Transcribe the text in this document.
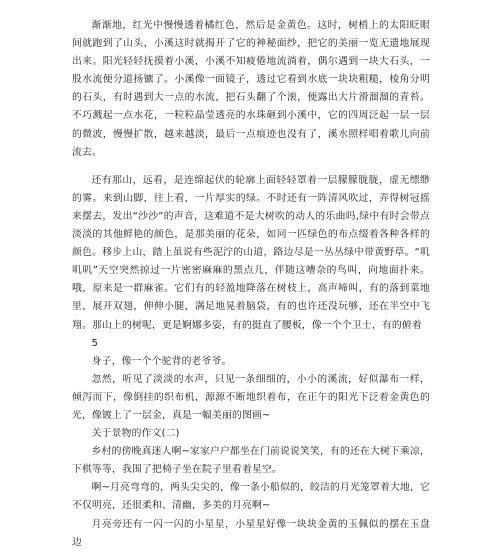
渐渐地，红光中慢慢透着橘红色，然后是金黄色。这时，树梢上的太阳眨眼间就跑到了山头，小溪这时就揭开了它的神秘面纱，把它的美丽一览无遗地展现出来。阳光轻轻抚摸着小溪，小溪不知疲倦地流淌着，偶尔遇到一块大石头，一股水流便分道扬镳了。小溪像一面镜子，透过它看到水底一块块粗糙，棱角分明的石头，有时遇到大一点的水流，把石头翻了个滚，便露出大片滑溜溜的青苔。不巧溅起一点水花，一粒粒晶莹透亮的水珠砸到小溪中，它的四周泛起一层一层的微波，慢慢扩散，越来越淡，最后一点痕迹也没有了，溪水照样唱着歌儿向前流去。

还有那山，远看，是连绵起伏的轮廓上面轻轻罩着一层朦朦胧胧，虚无缥缈的雾。来到山脚，往上看，一片厚实的绿。不时还有一阵清风吹过，弄得树冠摇来摆去，发出“沙沙”的声音，这难道不是大树吹的动人的乐曲吗,绿中有时会带点淡淡的其他鲜艳的颜色，是那美丽的花朵，如同一匹绿色的布点缀着各种各样的颜色。移步上山，踏上虽说有些泥泞的山道，路边尽是一丛丛绿中带黄野草。“叽叽叽”天空突然掠过一片密密麻麻的黑点儿，伴随这嘈杂的鸟叫，向地面扑来。哦，原来是一群麻雀。它们有的轻盈地降落在树枝上，高声啼叫，有的落到菜地里，展开双翅，伸伸小腿，满足地晃着脑袋，有的也许还没玩够，还在半空中飞翔。那山上的树呢，更是婀娜多姿，有的挺直了腰板，像一个个卫士，有的俯着

5

身子，像一个个驼背的老爷爷。

忽然，听见了淡淡的水声，只见一条细细的，小小的溪流，好似瀑布一样，倾泻而下，像倒挂的织布机，源源不断地织着布，在正午的阳光下泛着金黄色的光，像镀上了一层金，真是一幅美丽的图画~

关于景物的作文(二)

乡村的傍晚真迷人啊~家家户户都坐在门前说说笑笑，有的还在大树下乘凉，下棋等等，我围了把椅子坐在院子里看着星空。

啊~月亮弯弯的，两头尖尖的，像一条小船似的，皎洁的月光笼罩着大地，它不仅明亮，还很柔和、清幽，多美的月亮啊~

月亮旁还有一闪一闪的小星星，小星星好像一块块金黄的玉佩似的摆在玉盘边
